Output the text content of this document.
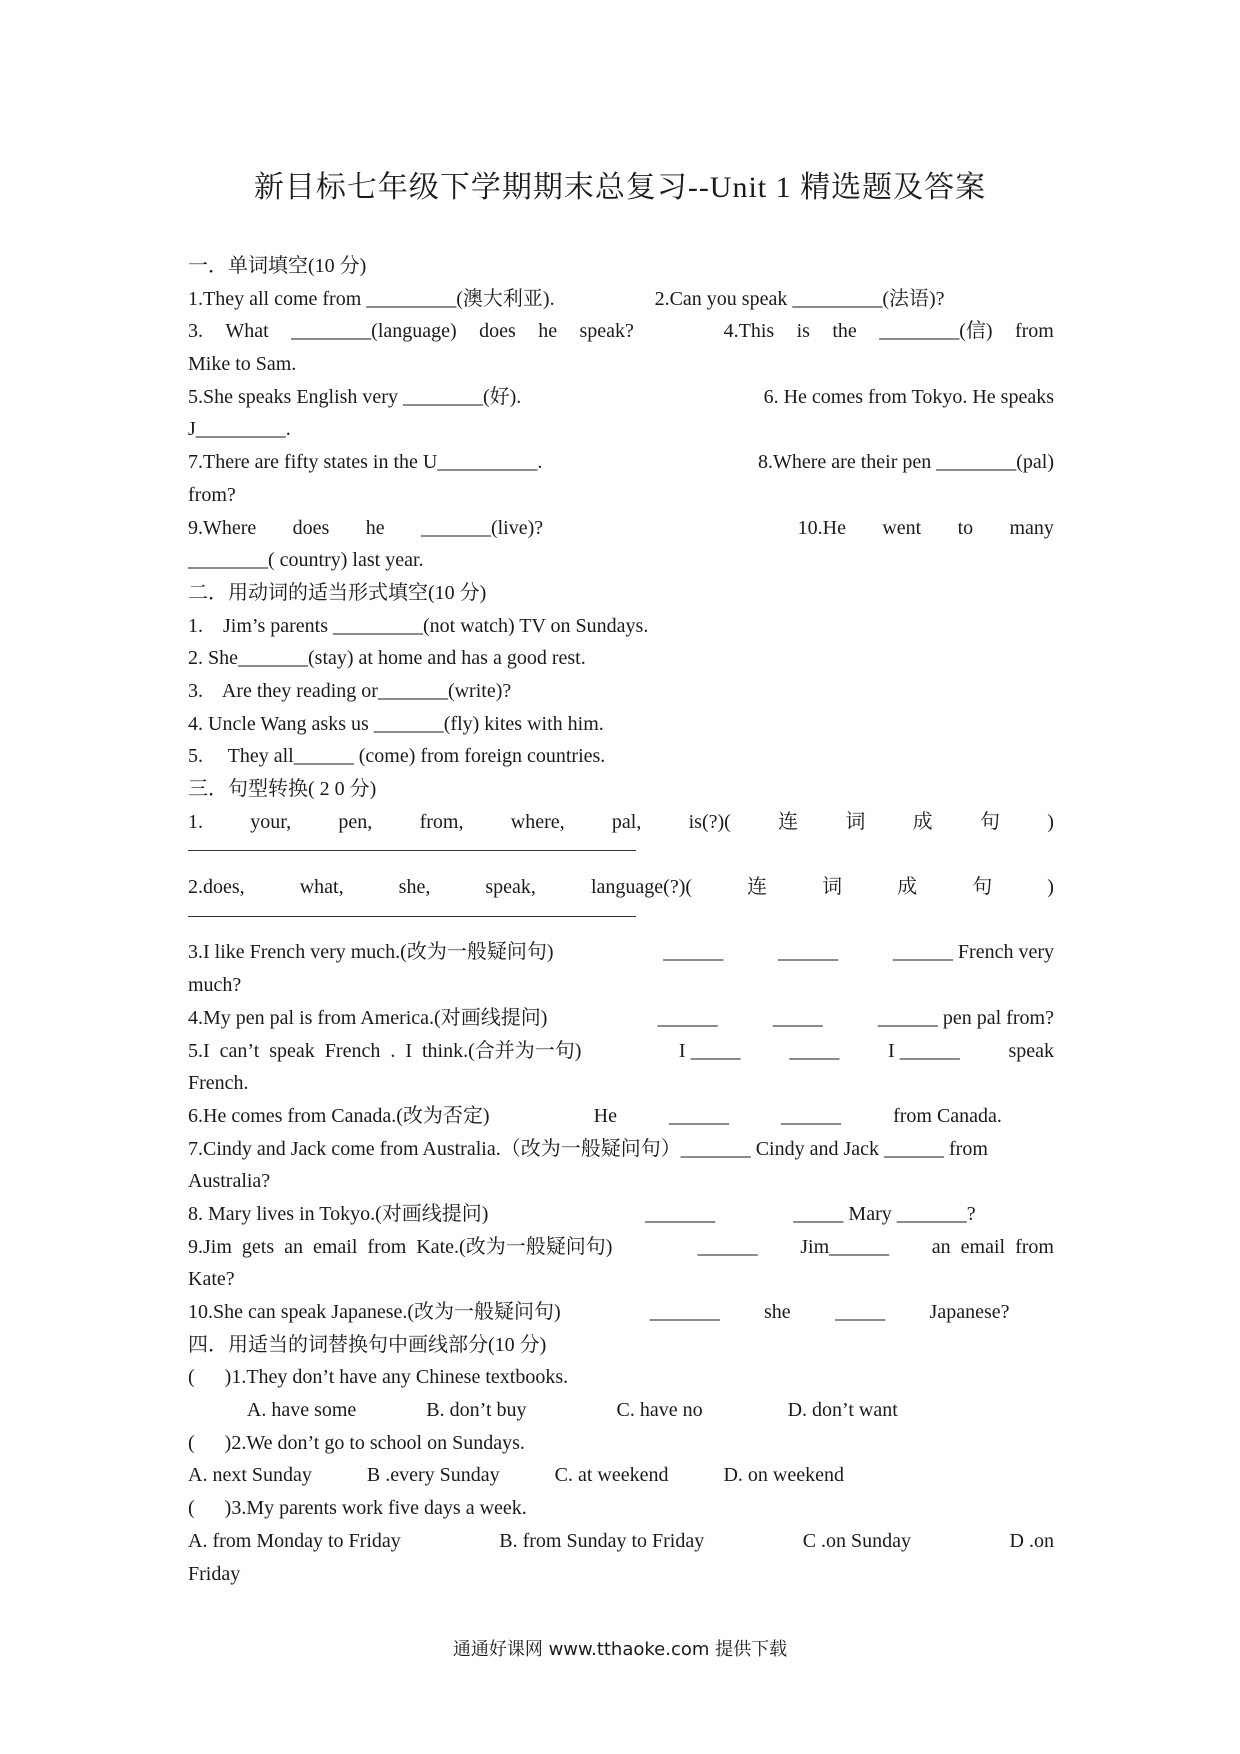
新目标七年级下学期期末总复习--Unit 1 精选题及答案
一．单词填空(10 分)
1.They all come from _________(澳大利亚).                    2.Can you speak _________(法语)?
3. What ________(language) does he speak?	4.This is the ________(信) from
Mike to Sam.
5.She speaks English very ________(好).	6. He comes from Tokyo. He speaks
J_________.
7.There are fifty states in the U__________.	8.Where are their pen ________(pal)
from?
9.Where does he _______(live)?	10.He went to many
________( country) last year.
二．用动词的适当形式填空(10 分)
1.    Jim’s parents _________(not watch) TV on Sundays.
2. She_______(stay) at home and has a good rest.
3.    Are they reading or_______(write)?
4. Uncle Wang asks us _______(fly) kites with him.
5.     They all______ (come) from foreign countries.
三．句型转换( 2 0 分)
1. your, pen, from, where, pal, is(?)( 连 词 成 句 )
2.does,	what,	she,	speak,	language(?)(	连	词	成	句	)
3.I like French very much.(改为一般疑问句)	______	______	______ French very
much?
4.My pen pal is from America.(对画线提问)	______	_____	______ pen pal from?
5.I  can’t  speak  French  .  I  think.(合并为一句)	I _____ _____ I ______ speak
French.
6.He comes from Canada.(改为否定)	He	______	______	from Canada.
7.Cindy and Jack come from Australia.（改为一般疑问句）_______ Cindy and Jack ______ from
Australia?
8. Mary lives in Tokyo.(对画线提问)	_______	_____ Mary _______?
9.Jim  gets  an  email  from  Kate.(改为一般疑问句)	______ Jim______ an  email  from
Kate?
10.She can speak Japanese.(改为一般疑问句)	_______ she _____ Japanese?
四．用适当的词替换句中画线部分(10 分)
(      )1.They don’t have any Chinese textbooks.
A. have some              B. don’t buy                  C. have no                 D. don’t want
(      )2.We don’t go to school on Sundays.
A. next Sunday           B .every Sunday           C. at weekend           D. on weekend
(      )3.My parents work five days a week.
A. from Monday to Friday	B. from Sunday to Friday	C .on Sunday	D .on
Friday
通通好课网 www.tthaoke.com 提供下载
